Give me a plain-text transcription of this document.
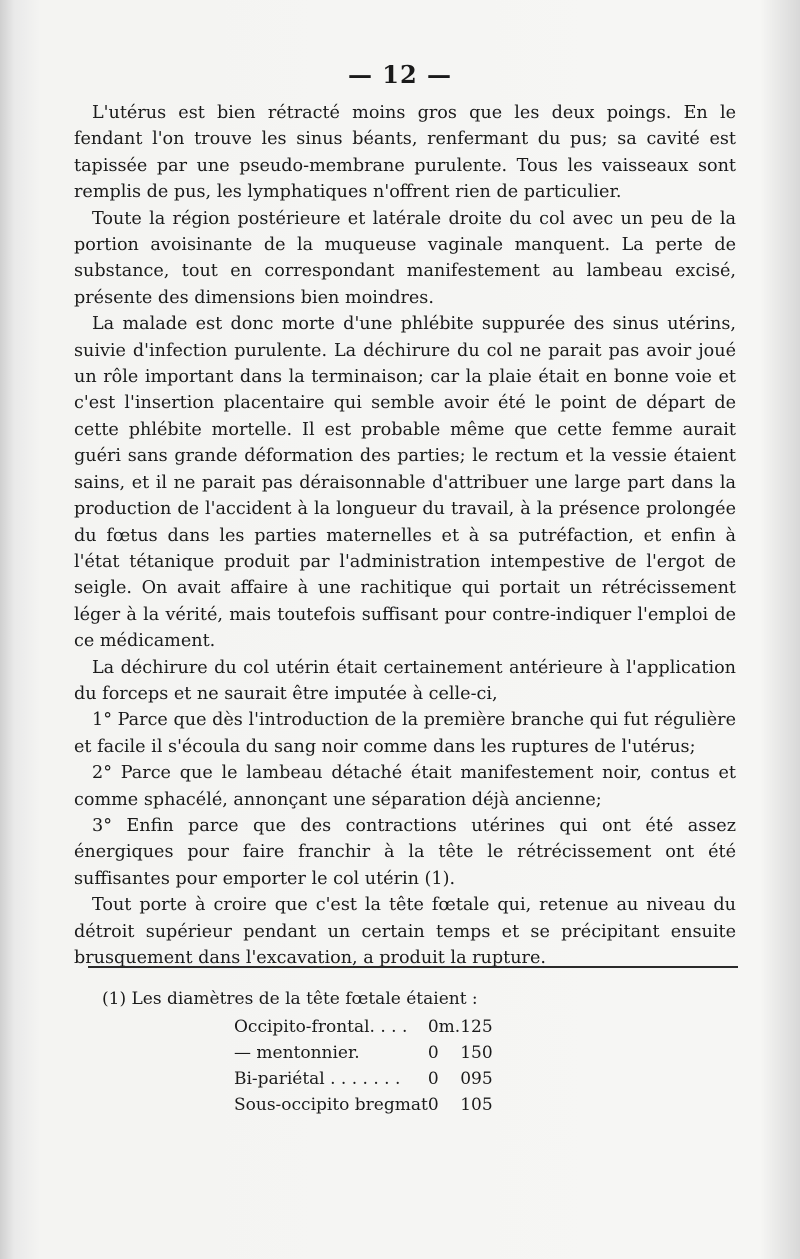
— 12 —

L'utérus est bien rétracté moins gros que les deux poings. En le fendant l'on trouve les sinus béants, renfermant du pus; sa cavité est tapissée par une pseudo-membrane purulente. Tous les vaisseaux sont remplis de pus, les lymphatiques n'offrent rien de particulier.

Toute la région postérieure et latérale droite du col avec un peu de la portion avoisinante de la muqueuse vaginale manquent. La perte de substance, tout en correspondant manifestement au lambeau excisé, présente des dimensions bien moindres.

La malade est donc morte d'une phlébite suppurée des sinus utérins, suivie d'infection purulente. La déchirure du col ne parait pas avoir joué un rôle important dans la terminaison; car la plaie était en bonne voie et c'est l'insertion placentaire qui semble avoir été le point de départ de cette phlébite mortelle. Il est probable même que cette femme aurait guéri sans grande déformation des parties; le rectum et la vessie étaient sains, et il ne parait pas déraisonnable d'attribuer une large part dans la production de l'accident à la longueur du travail, à la présence prolongée du fœtus dans les parties maternelles et à sa putréfaction, et enfin à l'état tétanique produit par l'administration intempestive de l'ergot de seigle. On avait affaire à une rachitique qui portait un rétrécissement léger à la vérité, mais toutefois suffisant pour contre-indiquer l'emploi de ce médicament.

La déchirure du col utérin était certainement antérieure à l'application du forceps et ne saurait être imputée à celle-ci,

1° Parce que dès l'introduction de la première branche qui fut régulière et facile il s'écoula du sang noir comme dans les ruptures de l'utérus;

2° Parce que le lambeau détaché était manifestement noir, contus et comme sphacélé, annonçant une séparation déjà ancienne;

3° Enfin parce que des contractions utérines qui ont été assez énergiques pour faire franchir à la tête le rétrécissement ont été suffisantes pour emporter le col utérin (1).

Tout porte à croire que c'est la tête fœtale qui, retenue au niveau du détroit supérieur pendant un certain temps et se précipitant ensuite brusquement dans l'excavation, a produit la rupture.

(1) Les diamètres de la tête fœtale étaient :
Occipito-frontal. . . .	0m.	125
— mentonnier.	0	150
Bi-pariétal . . . . . . .	0	095
Sous-occipito bregmat	0	105
